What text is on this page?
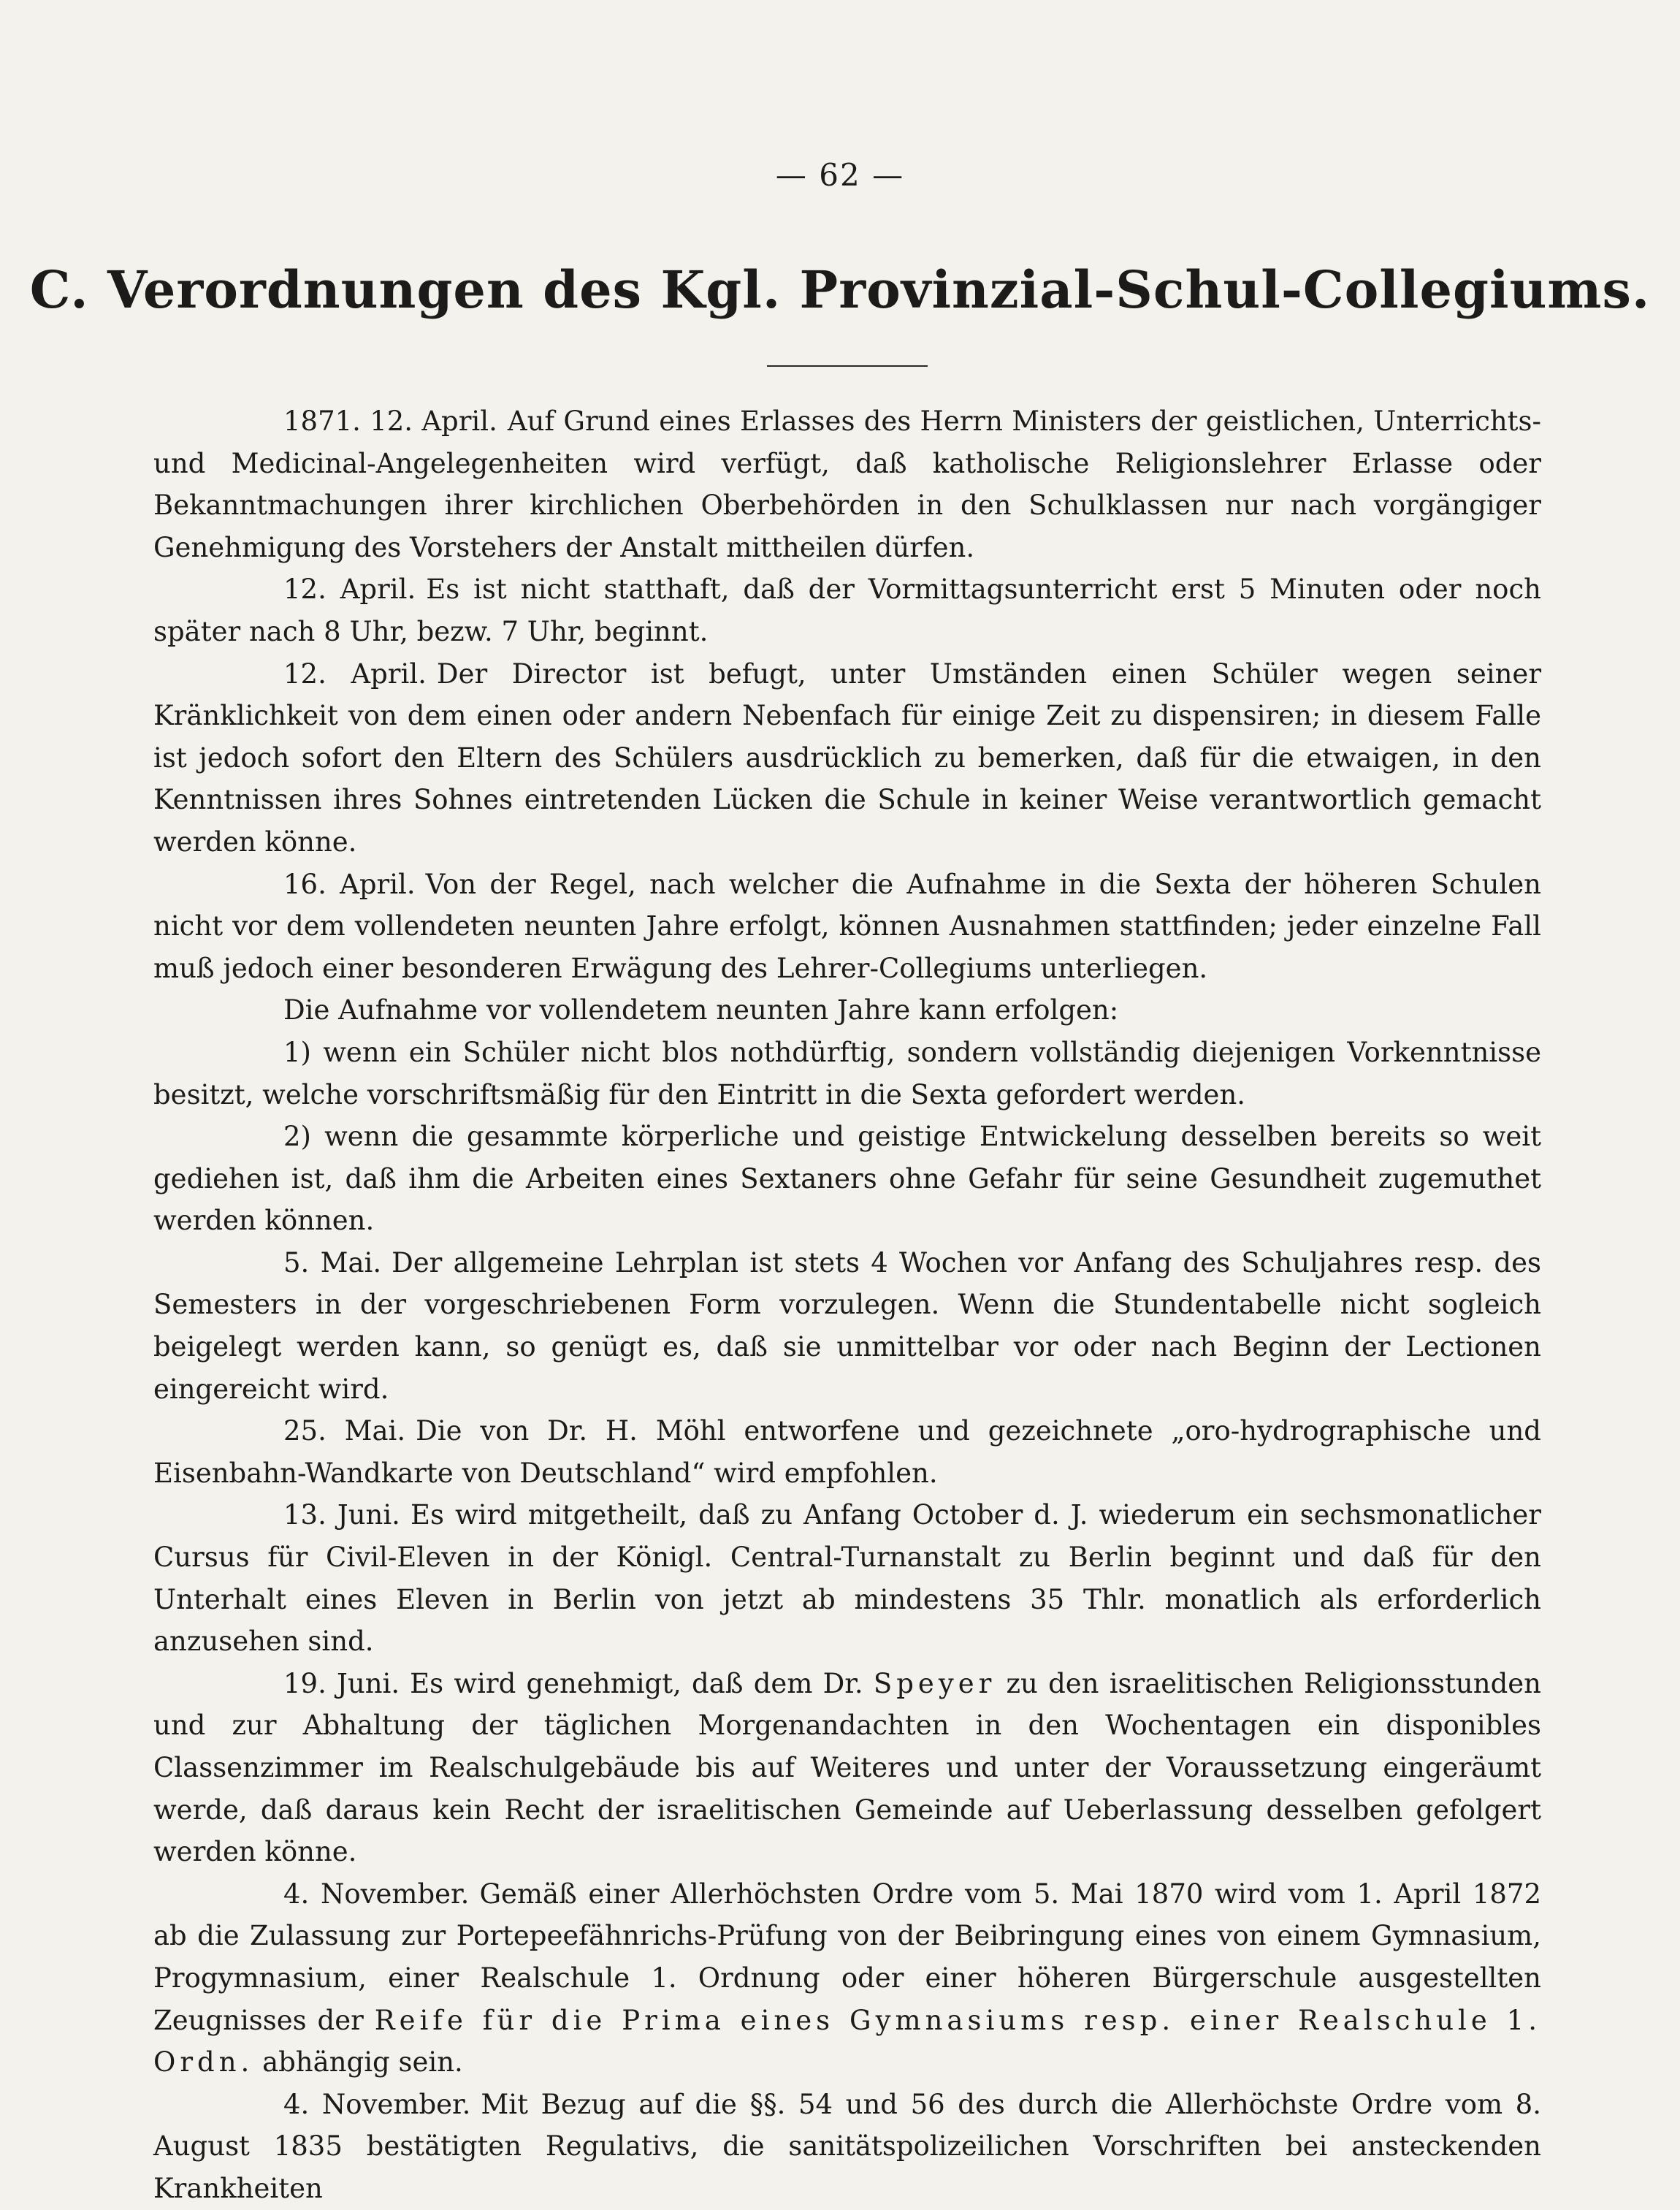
— 62 —
C. Verordnungen des Kgl. Provinzial-Schul-Collegiums.

1871. 12. April. Auf Grund eines Erlasses des Herrn Ministers der geistlichen, Unterrichts- und Medicinal-Angelegenheiten wird verfügt, daß katholische Religionslehrer Erlasse oder Bekanntmachungen ihrer kirchlichen Oberbehörden in den Schulklassen nur nach vorgängiger Genehmigung des Vorstehers der Anstalt mittheilen dürfen.

12. April. Es ist nicht statthaft, daß der Vormittagsunterricht erst 5 Minuten oder noch später nach 8 Uhr, bezw. 7 Uhr, beginnt.

12. April. Der Director ist befugt, unter Umständen einen Schüler wegen seiner Kränklichkeit von dem einen oder andern Nebenfach für einige Zeit zu dispensiren; in diesem Falle ist jedoch sofort den Eltern des Schülers ausdrücklich zu bemerken, daß für die etwaigen, in den Kenntnissen ihres Sohnes eintretenden Lücken die Schule in keiner Weise verantwortlich gemacht werden könne.

16. April. Von der Regel, nach welcher die Aufnahme in die Sexta der höheren Schulen nicht vor dem vollendeten neunten Jahre erfolgt, können Ausnahmen stattfinden; jeder einzelne Fall muß jedoch einer besonderen Erwägung des Lehrer-Collegiums unterliegen.

Die Aufnahme vor vollendetem neunten Jahre kann erfolgen:

1) wenn ein Schüler nicht blos nothdürftig, sondern vollständig diejenigen Vorkenntnisse besitzt, welche vorschriftsmäßig für den Eintritt in die Sexta gefordert werden.

2) wenn die gesammte körperliche und geistige Entwickelung desselben bereits so weit gediehen ist, daß ihm die Arbeiten eines Sextaners ohne Gefahr für seine Gesundheit zugemuthet werden können.

5. Mai. Der allgemeine Lehrplan ist stets 4 Wochen vor Anfang des Schuljahres resp. des Semesters in der vorgeschriebenen Form vorzulegen. Wenn die Stundentabelle nicht sogleich beigelegt werden kann, so genügt es, daß sie unmittelbar vor oder nach Beginn der Lectionen eingereicht wird.

25. Mai. Die von Dr. H. Möhl entworfene und gezeichnete „oro-hydrographische und Eisenbahn-Wandkarte von Deutschland“ wird empfohlen.

13. Juni. Es wird mitgetheilt, daß zu Anfang October d. J. wiederum ein sechsmonatlicher Cursus für Civil-Eleven in der Königl. Central-Turnanstalt zu Berlin beginnt und daß für den Unterhalt eines Eleven in Berlin von jetzt ab mindestens 35 Thlr. monatlich als erforderlich anzusehen sind.

19. Juni. Es wird genehmigt, daß dem Dr. Speyer zu den israelitischen Religionsstunden und zur Abhaltung der täglichen Morgenandachten in den Wochentagen ein disponibles Classenzimmer im Realschulgebäude bis auf Weiteres und unter der Voraussetzung eingeräumt werde, daß daraus kein Recht der israelitischen Gemeinde auf Ueberlassung desselben gefolgert werden könne.

4. November. Gemäß einer Allerhöchsten Ordre vom 5. Mai 1870 wird vom 1. April 1872 ab die Zulassung zur Portepeefähnrichs-Prüfung von der Beibringung eines von einem Gymnasium, Progymnasium, einer Realschule 1. Ordnung oder einer höheren Bürgerschule ausgestellten Zeugnisses der Reife für die Prima eines Gymnasiums resp. einer Realschule 1. Ordn. abhängig sein.

4. November. Mit Bezug auf die §§. 54 und 56 des durch die Allerhöchste Ordre vom 8. August 1835 bestätigten Regulativs, die sanitätspolizeilichen Vorschriften bei ansteckenden Krankheiten
